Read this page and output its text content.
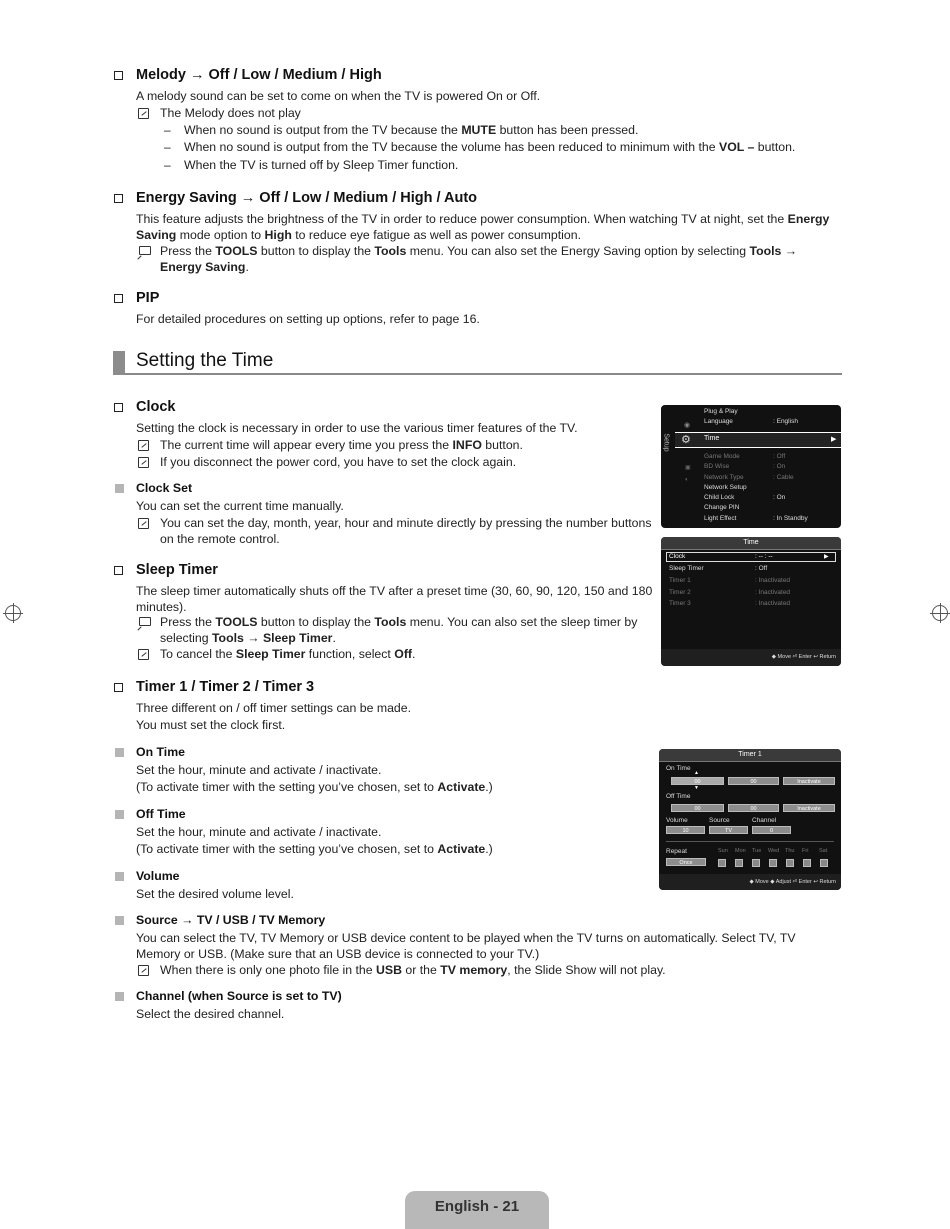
Melody → Off / Low / Medium / High
A melody sound can be set to come on when the TV is powered On or Off.
The Melody does not play
– When no sound is output from the TV because the MUTE button has been pressed.
– When no sound is output from the TV because the volume has been reduced to minimum with the VOL – button.
– When the TV is turned off by Sleep Timer function.
Energy Saving → Off / Low / Medium / High / Auto
This feature adjusts the brightness of the TV in order to reduce power consumption. When watching TV at night, set the Energy Saving mode option to High to reduce eye fatigue as well as power consumption.
Press the TOOLS button to display the Tools menu. You can also set the Energy Saving option by selecting Tools → Energy Saving.
PIP
For detailed procedures on setting up options, refer to page 16.
Setting the Time
Clock
Setting the clock is necessary in order to use the various timer features of the TV.
The current time will appear every time you press the INFO button.
If you disconnect the power cord, you have to set the clock again.
Clock Set
You can set the current time manually.
You can set the day, month, year, hour and minute directly by pressing the number buttons on the remote control.
Sleep Timer
The sleep timer automatically shuts off the TV after a preset time (30, 60, 90, 120, 150 and 180 minutes).
Press the TOOLS button to display the Tools menu. You can also set the sleep timer by selecting Tools → Sleep Timer.
To cancel the Sleep Timer function, select Off.
Timer 1 / Timer 2 / Timer 3
Three different on / off timer settings can be made.
You must set the clock first.
On Time
Set the hour, minute and activate / inactivate.
(To activate timer with the setting you’ve chosen, set to Activate.)
Off Time
Set the hour, minute and activate / inactivate.
(To activate timer with the setting you’ve chosen, set to Activate.)
Volume
Set the desired volume level.
Source → TV / USB / TV Memory
You can select the TV, TV Memory or USB device content to be played when the TV turns on automatically. Select TV, TV Memory or USB. (Make sure that an USB device is connected to your TV.)
When there is only one photo file in the USB or the TV memory, the Slide Show will not play.
Channel (when Source is set to TV)
Select the desired channel.
Setup ⚙	▶
◉
▣
◐
Plug & Play
Language	: English
Time
Game Mode	: Off
BD Wise	: On
Network Type	: Cable
Network Setup
Child Lock	: On
Change PIN
Light Effect	: In Standby
Time
▶
Clock	: -- : --
Sleep Timer	: Off
Timer 1	: Inactivated
Timer 2	: Inactivated
Timer 3	: Inactivated
◆ Move ⏎ Enter ↩ Return
Timer 1
On Time
▲
00	00	Inactivate
▼
Off Time
00	00	Inactivate
Volume	Source	Channel
10	TV	0
Repeat
Once
Sun Mon Tue Wed Thu Fri Sat
◆ Move ◆ Adjust ⏎ Enter ↩ Return
English - 21
